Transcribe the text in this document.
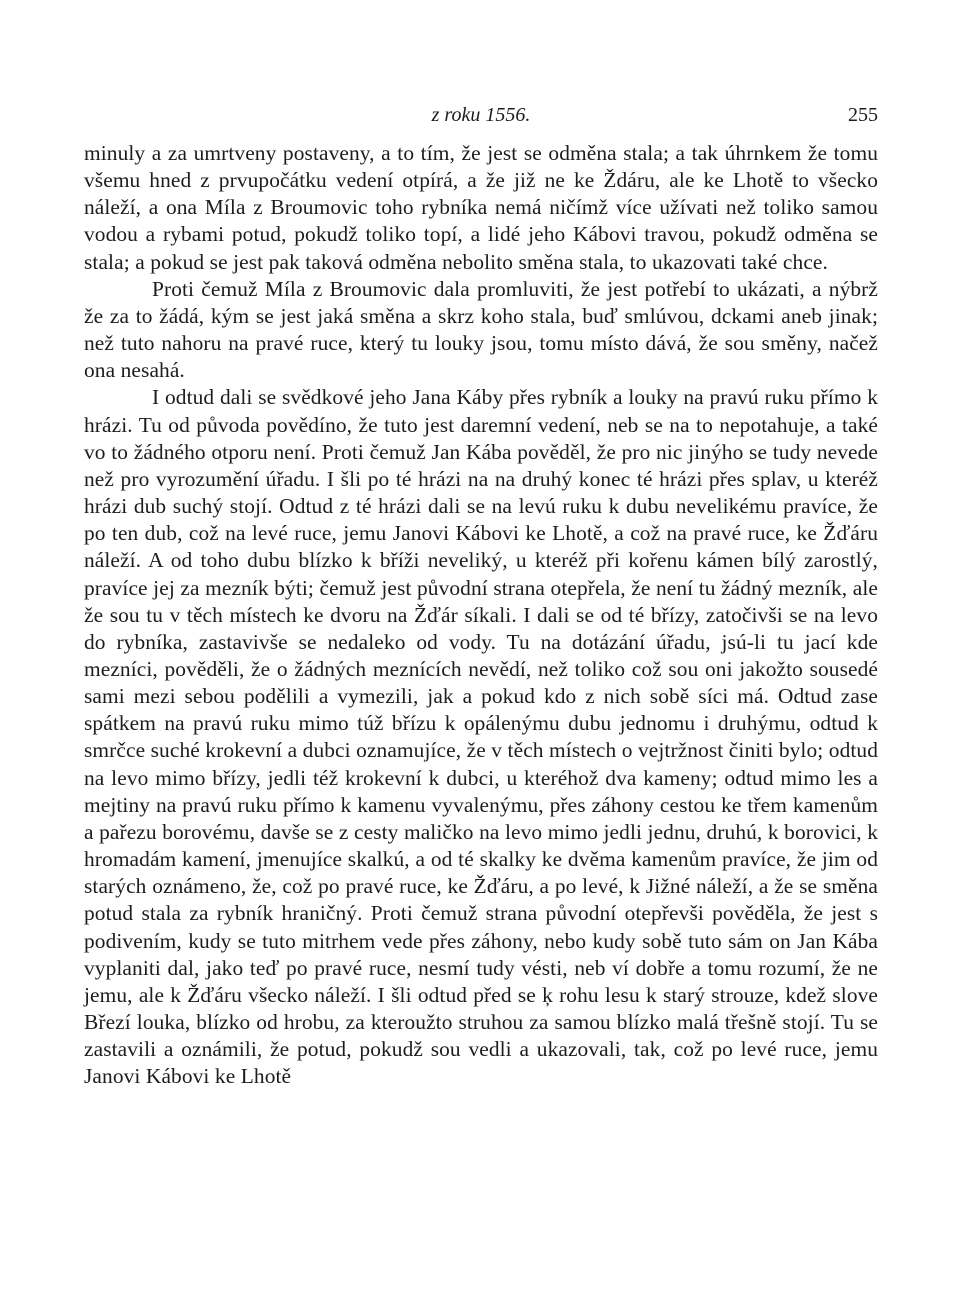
z roku 1556.	255

minuly a za umrtveny postaveny, a to tím, že jest se odměna stala; a tak úhrnkem že tomu všemu hned z prvupočátku vedení otpírá, a že již ne ke Ždáru, ale ke Lhotě to všecko náleží, a ona Míla z Broumovic toho rybníka nemá ničímž více užívati než toliko samou vodou a rybami potud, pokudž toliko topí, a lidé jeho Kábovi travou, pokudž odměna se stala; a pokud se jest pak taková odměna nebolito směna stala, to ukazovati také chce.

Proti čemuž Míla z Broumovic dala promluviti, že jest potřebí to ukázati, a nýbrž že za to žádá, kým se jest jaká směna a skrz koho stala, buď smlúvou, dckami aneb jinak; než tuto nahoru na pravé ruce, který tu louky jsou, tomu místo dává, že sou směny, načež ona nesahá.

I odtud dali se svědkové jeho Jana Káby přes rybník a louky na pravú ruku přímo k hrázi. Tu od původa povědíno, že tuto jest daremní vedení, neb se na to nepotahuje, a také vo to žádného otporu není. Proti čemuž Jan Kába pověděl, že pro nic jinýho se tudy nevede než pro vyrozumění úřadu. I šli po té hrázi na na druhý konec té hrázi přes splav, u kteréž hrázi dub suchý stojí. Odtud z té hrázi dali se na levú ruku k dubu nevelikému pravíce, že po ten dub, což na levé ruce, jemu Janovi Kábovi ke Lhotě, a což na pravé ruce, ke Žďáru náleží. A od toho dubu blízko k bříži neveliký, u kteréž při kořenu kámen bílý zarostlý, pravíce jej za mezník býti; čemuž jest původní strana otepřela, že není tu žádný mezník, ale že sou tu v těch místech ke dvoru na Žďár síkali. I dali se od té břízy, zatočivši se na levo do rybníka, zastavivše se nedaleko od vody. Tu na dotázání úřadu, jsú-li tu jací kde mezníci, pověděli, že o žádných meznících nevědí, než toliko což sou oni jakožto sousedé sami mezi sebou podělili a vymezili, jak a pokud kdo z nich sobě síci má. Odtud zase spátkem na pravú ruku mimo túž břízu k opálenýmu dubu jednomu i druhýmu, odtud k smrčce suché krokevní a dubci oznamujíce, že v těch místech o vejtržnost činiti bylo; odtud na levo mimo břízy, jedli též krokevní k dubci, u kteréhož dva kameny; odtud mimo les a mejtiny na pravú ruku přímo k kamenu vyvalenýmu, přes záhony cestou ke třem kamenům a pařezu borovému, davše se z cesty maličko na levo mimo jedli jednu, druhú, k borovici, k hromadám kamení, jmenujíce skalkú, a od té skalky ke dvěma kamenům pravíce, že jim od starých oznámeno, že, což po pravé ruce, ke Žďáru, a po levé, k Jižné náleží, a že se směna potud stala za rybník hraničný. Proti čemuž strana původní otepřevši pověděla, že jest s podivením, kudy se tuto mitrhem vede přes záhony, nebo kudy sobě tuto sám on Jan Kába vyplaniti dal, jako teď po pravé ruce, nesmí tudy vésti, neb ví dobře a tomu rozumí, že ne jemu, ale k Žďáru všecko náleží. I šli odtud před se ķ rohu lesu k starý strouze, kdež slove Březí louka, blízko od hrobu, za kteroužto struhou za samou blízko malá třešně stojí. Tu se zastavili a oznámili, že potud, pokudž sou vedli a ukazovali, tak, což po levé ruce, jemu Janovi Kábovi ke Lhotě
